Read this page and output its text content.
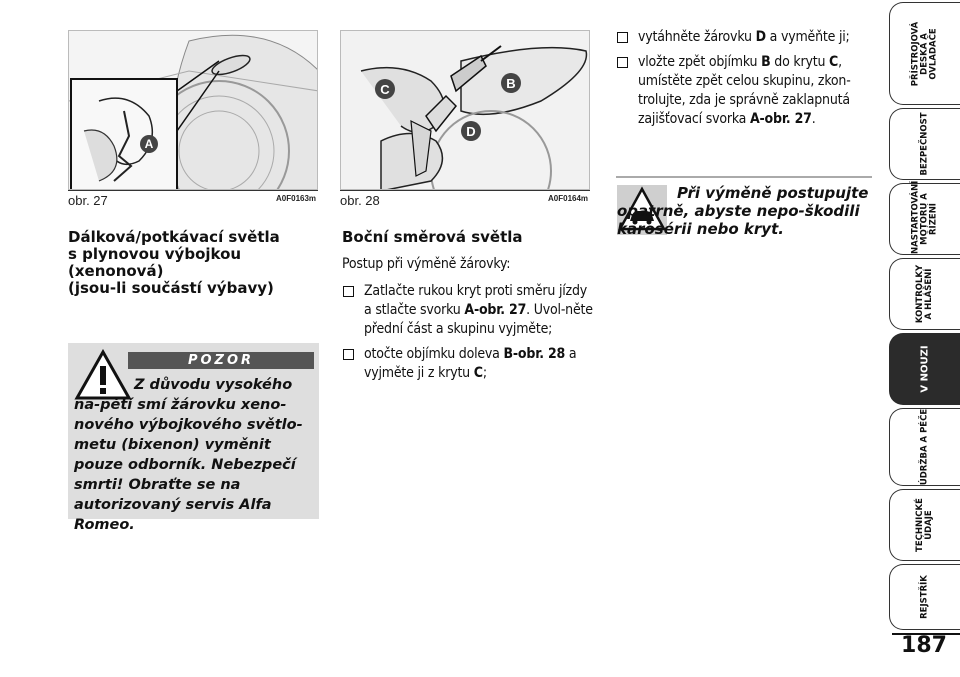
A
obr. 27	A0F0163m
B
C
D
obr. 28	A0F0164m
Dálková/potkávací světla
s plynovou výbojkou
(xenonová)
(jsou-li součástí výbavy)
POZOR
Z důvodu vysokého na-pětí smí žárovku xeno-nového výbojkového světlo-metu (bixenon) vyměnit pouze odborník. Nebezpečí smrti! Obraťte se na autorizovaný servis Alfa Romeo.
Boční směrová světla
Postup při výměně žárovky:
Zatlačte rukou kryt proti směru jízdy a stlačte svorku A-obr. 27. Uvol-něte přední část a skupinu vyjměte;
otočte objímku doleva B-obr. 28 a vyjměte ji z krytu C;
vytáhněte žárovku D a vyměňte ji;
vložte zpět objímku B do krytu C, umístěte zpět celou skupinu, zkon-trolujte, zda je správně zaklapnutá zajišťovací svorka A-obr. 27.
Při výměně postupujte opatrně, abyste nepo-škodili karosérii nebo kryt.
PŘÍSTROJOVÁ DESKA A OVLADAČE
BEZPEČNOST
NASTARTOVÁNÍ MOTORU A ŘÍZENÍ
KONTROLKY A HLÁŠENÍ
V NOUZI
ÚDRŽBA A PÉČE
TECHNICKÉ ÚDAJE
REJSTŘÍK
187
